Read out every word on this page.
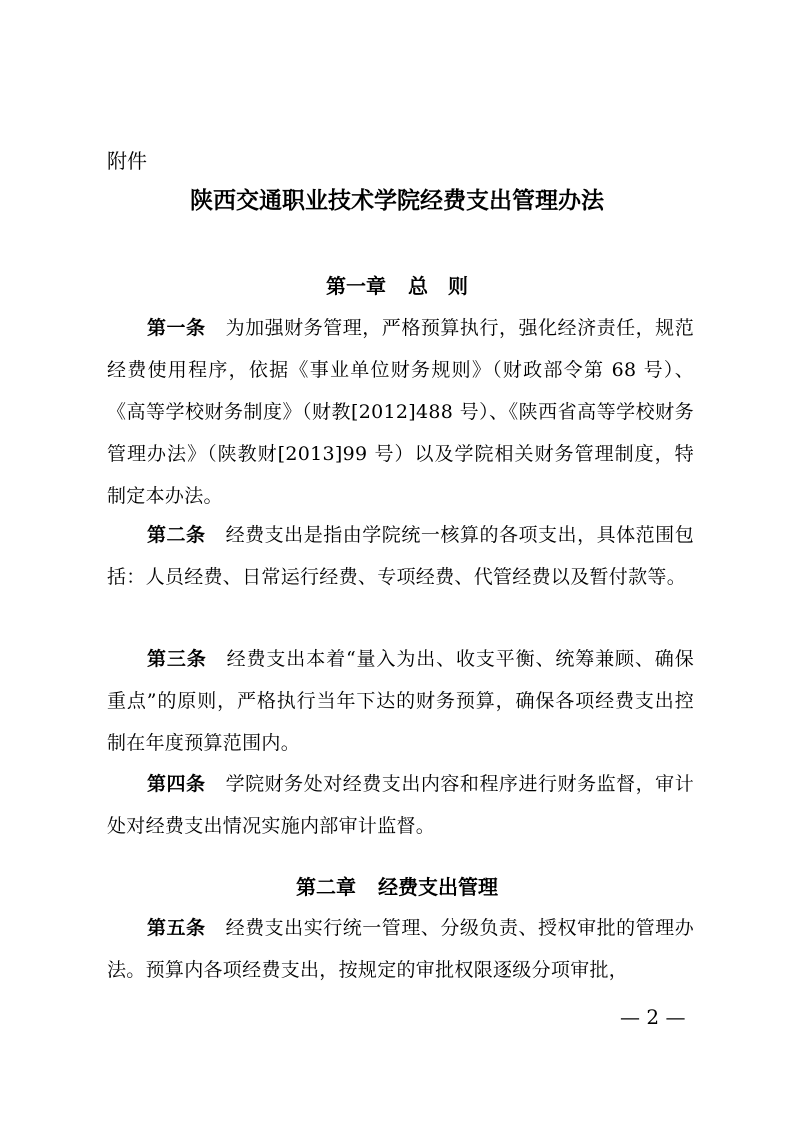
附件
陕西交通职业技术学院经费支出管理办法
第一章 总　则
第一条 为加强财务管理，严格预算执行，强化经济责任，规范经费使用程序，依据《事业单位财务规则》（财政部令第 68 号）、《高等学校财务制度》（财教[2012]488 号）、《陕西省高等学校财务管理办法》（陕教财[2013]99 号）以及学院相关财务管理制度，特制定本办法。
第二条 经费支出是指由学院统一核算的各项支出，具体范围包括：人员经费、日常运行经费、专项经费、代管经费以及暂付款等。
第三条 经费支出本着“量入为出、收支平衡、统筹兼顾、确保重点”的原则，严格执行当年下达的财务预算，确保各项经费支出控制在年度预算范围内。
第四条 学院财务处对经费支出内容和程序进行财务监督，审计处对经费支出情况实施内部审计监督。
第二章 经费支出管理
第五条 经费支出实行统一管理、分级负责、授权审批的管理办法。预算内各项经费支出，按规定的审批权限逐级分项审批，
— 2 —
